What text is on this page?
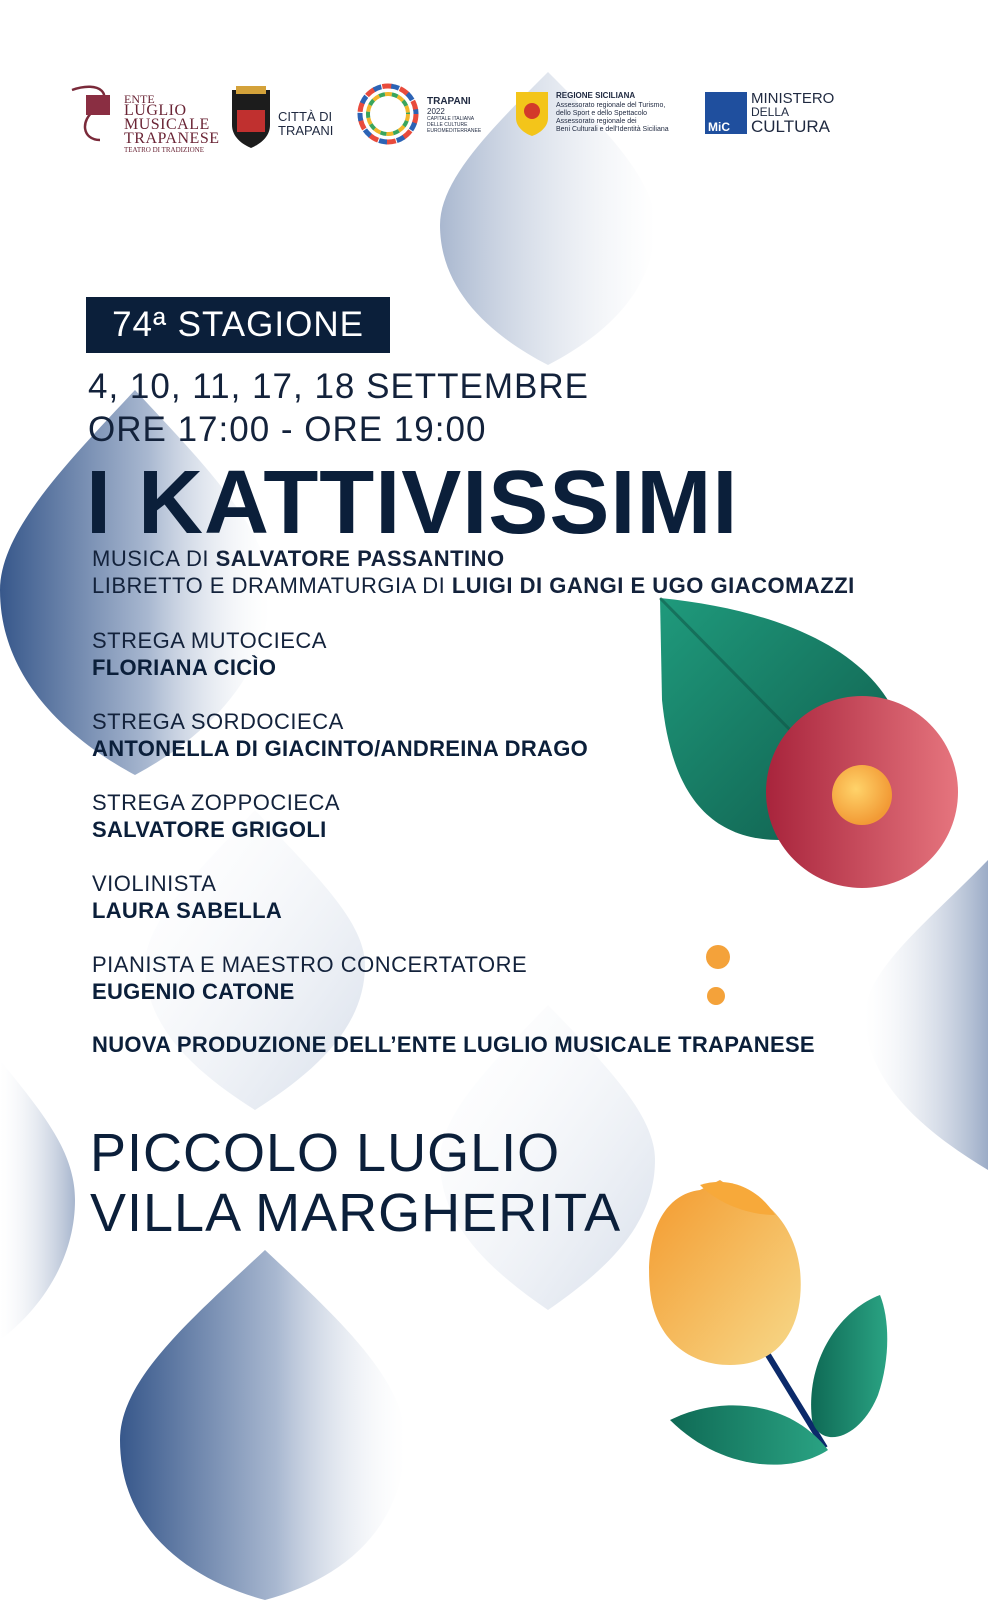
ENTE
LUGLIO
MUSICALE
TRAPANESE
TEATRO DI TRADIZIONE
CITTÀ DI
TRAPANI
TRAPANI
2022
CAPITALE ITALIANA
DELLE CULTURE
EUROMEDITERRANEE
REGIONE SICILIANA
Assessorato regionale del Turismo,
dello Sport e dello Spettacolo
Assessorato regionale dei
Beni Culturali e dell'Identità Siciliana	MiC
MINISTERO
DELLA
CULTURA
74ª STAGIONE
4, 10, 11, 17, 18 SETTEMBRE
ORE 17:00 - ORE 19:00
I KATTIVISSIMI
MUSICA DI SALVATORE PASSANTINO
LIBRETTO E DRAMMATURGIA DI LUIGI DI GANGI E UGO GIACOMAZZI
STREGA MUTOCIECA
FLORIANA CICÌO
STREGA SORDOCIECA
ANTONELLA DI GIACINTO/ANDREINA DRAGO
STREGA ZOPPOCIECA
SALVATORE GRIGOLI
VIOLINISTA
LAURA SABELLA
PIANISTA E MAESTRO CONCERTATORE
EUGENIO CATONE
NUOVA PRODUZIONE DELL’ENTE LUGLIO MUSICALE TRAPANESE
PICCOLO LUGLIO
VILLA MARGHERITA
